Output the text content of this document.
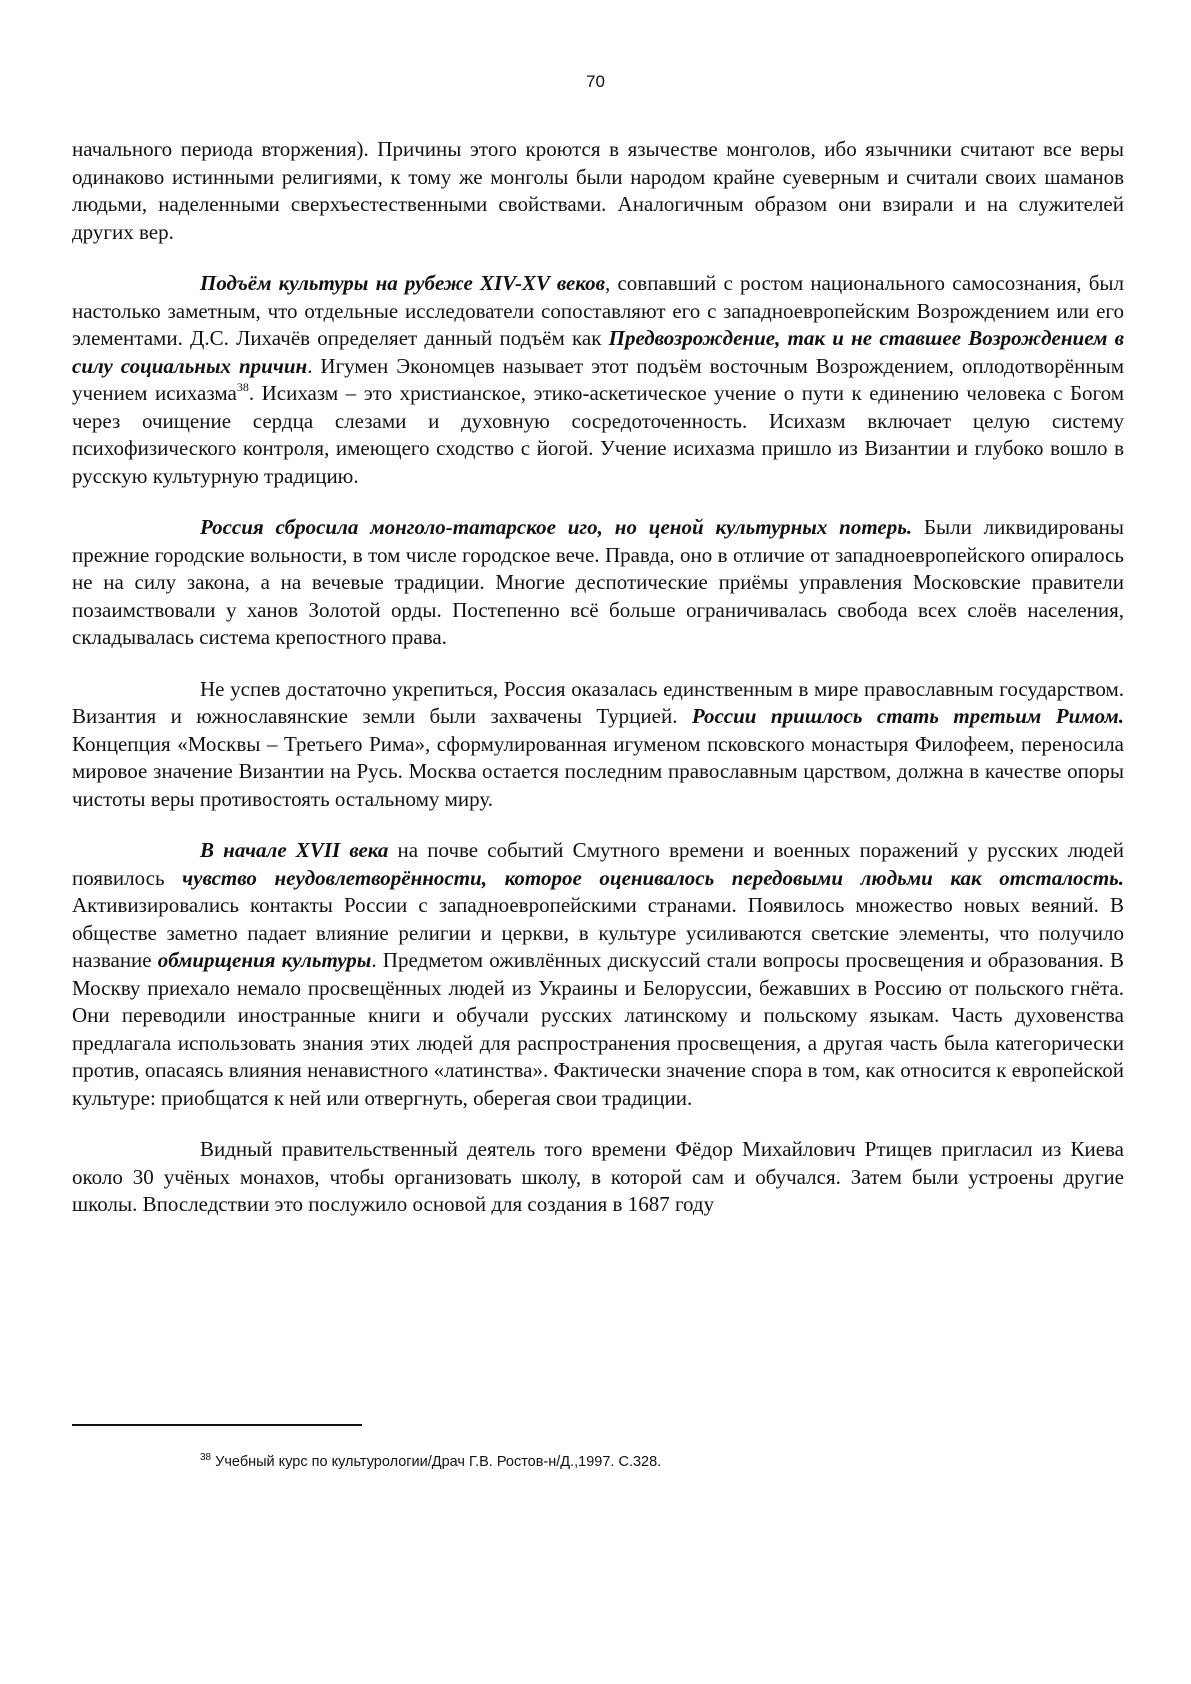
70

начального периода вторжения). Причины этого кроются в язычестве монголов, ибо язычники считают все веры одинаково истинными религиями, к тому же монголы были народом крайне суеверным и считали своих шаманов людьми, наделенными сверхъестественными свойствами. Аналогичным образом они взирали и на служителей других вер.

Подъём культуры на рубеже XIV-XV веков, совпавший с ростом национального самосознания, был настолько заметным, что отдельные исследователи сопоставляют его с западноевропейским Возрождением или его элементами. Д.С. Лихачёв определяет данный подъём как Предвозрождение, так и не ставшее Возрождением в силу социальных причин. Игумен Экономцев называет этот подъём восточным Возрождением, оплодотворённым учением исихазма$^{38}$. Исихазм – это христианское, этико-аскетическое учение о пути к единению человека с Богом через очищение сердца слезами и духовную сосредоточенность. Исихазм включает целую систему психофизического контроля, имеющего сходство с йогой. Учение исихазма пришло из Византии и глубоко вошло в русскую культурную традицию.

Россия сбросила монголо-татарское иго, но ценой культурных потерь. Были ликвидированы прежние городские вольности, в том числе городское вече. Правда, оно в отличие от западноевропейского опиралось не на силу закона, а на вечевые традиции. Многие деспотические приёмы управления Московские правители позаимствовали у ханов Золотой орды. Постепенно всё больше ограничивалась свобода всех слоёв населения, складывалась система крепостного права.

Не успев достаточно укрепиться, Россия оказалась единственным в мире православным государством. Византия и южнославянские земли были захвачены Турцией. России пришлось стать третьим Римом. Концепция «Москвы – Третьего Рима», сформулированная игуменом псковского монастыря Филофеем, переносила мировое значение Византии на Русь. Москва остается последним православным царством, должна в качестве опоры чистоты веры противостоять остальному миру.

В начале XVII века на почве событий Смутного времени и военных поражений у русских людей появилось чувство неудовлетворённости, которое оценивалось передовыми людьми как отсталость. Активизировались контакты России с западноевропейскими странами. Появилось множество новых веяний. В обществе заметно падает влияние религии и церкви, в культуре усиливаются светские элементы, что получило название обмирщения культуры. Предметом оживлённых дискуссий стали вопросы просвещения и образования. В Москву приехало немало просвещённых людей из Украины и Белоруссии, бежавших в Россию от польского гнёта. Они переводили иностранные книги и обучали русских латинскому и польскому языкам. Часть духовенства предлагала использовать знания этих людей для распространения просвещения, а другая часть была категорически против, опасаясь влияния ненавистного «латинства». Фактически значение спора в том, как относится к европейской культуре: приобщатся к ней или отвергнуть, оберегая свои традиции.

Видный правительственный деятель того времени Фёдор Михайлович Ртищев пригласил из Киева около 30 учёных монахов, чтобы организовать школу, в которой сам и обучался. Затем были устроены другие школы. Впоследствии это послужило основой для создания в 1687 году

$^{38}$ Учебный курс по культурологии/Драч Г.В. Ростов-н/Д.,1997. С.328.
